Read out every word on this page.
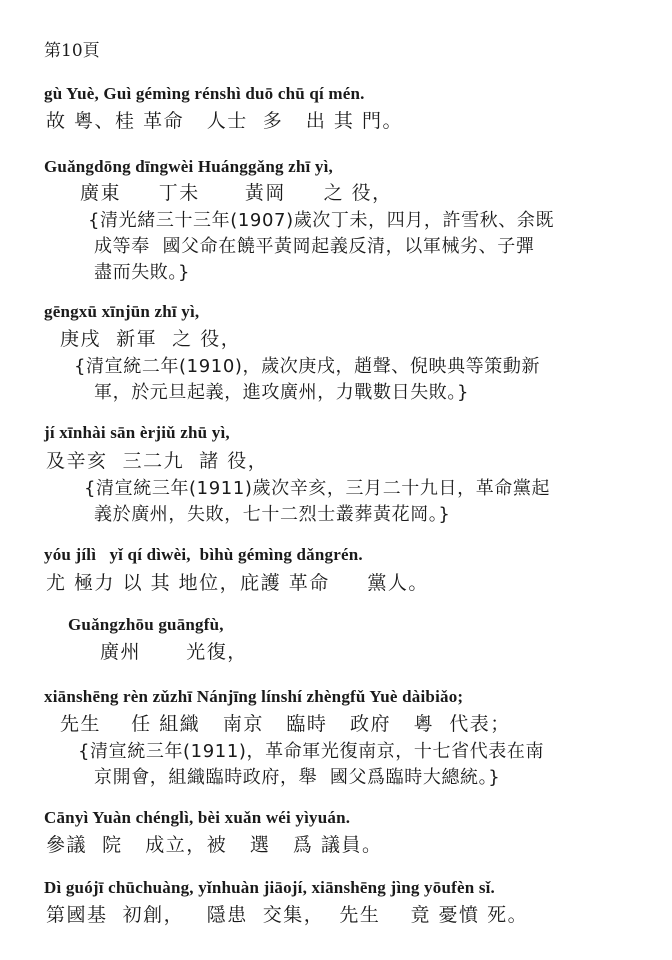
第10頁
gù Yuè, Guì gémìng rénshì duō chū qí mén.
故 粵、桂 革命   人士  多   出 其 門。
Guǎngdōng dīngwèi Huánggǎng zhī yì,
廣東     丁未      黃岡     之 役，
{清光緒三十三年(1907)歲次丁未，四月，許雪秋、余既
成等奉  國父命在饒平黃岡起義反清，以軍械劣、子彈
盡而失敗。}
gēngxū xīnjūn zhī yì,
庚戌  新軍  之 役，
{清宣統二年(1910)，歲次庚戌，趙聲、倪映典等策動新
軍，於元旦起義，進攻廣州，力戰數日失敗。}
jí xīnhài sān èrjiǔ zhū yì,
及辛亥  三二九  諸 役，
{清宣統三年(1911)歲次辛亥，三月二十九日，革命黨起
義於廣州，失敗，七十二烈士叢葬黃花岡。}
yóu jílì   yǐ qí dìwèi,  bìhù gémìng dǎngrén.
尤 極力 以 其 地位，庇護 革命     黨人。
Guǎngzhōu guāngfù,
廣州      光復，
xiānshēng rèn zǔzhī Nánjīng línshí zhèngfǔ Yuè dàibiǎo;
先生    任 組織   南京   臨時   政府   粵  代表；
{清宣統三年(1911)，革命軍光復南京，十七省代表在南
京開會，組織臨時政府，舉  國父爲臨時大總統。}
Cānyì Yuàn chénglì, bèi xuǎn wéi yìyuán.
參議  院   成立，被   選   爲 議員。
Dì guójī chūchuàng, yǐnhuàn jiāojí, xiānshēng jìng yōufèn sǐ.
第國基  初創，   隱患  交集，  先生    竟 憂憤 死。
